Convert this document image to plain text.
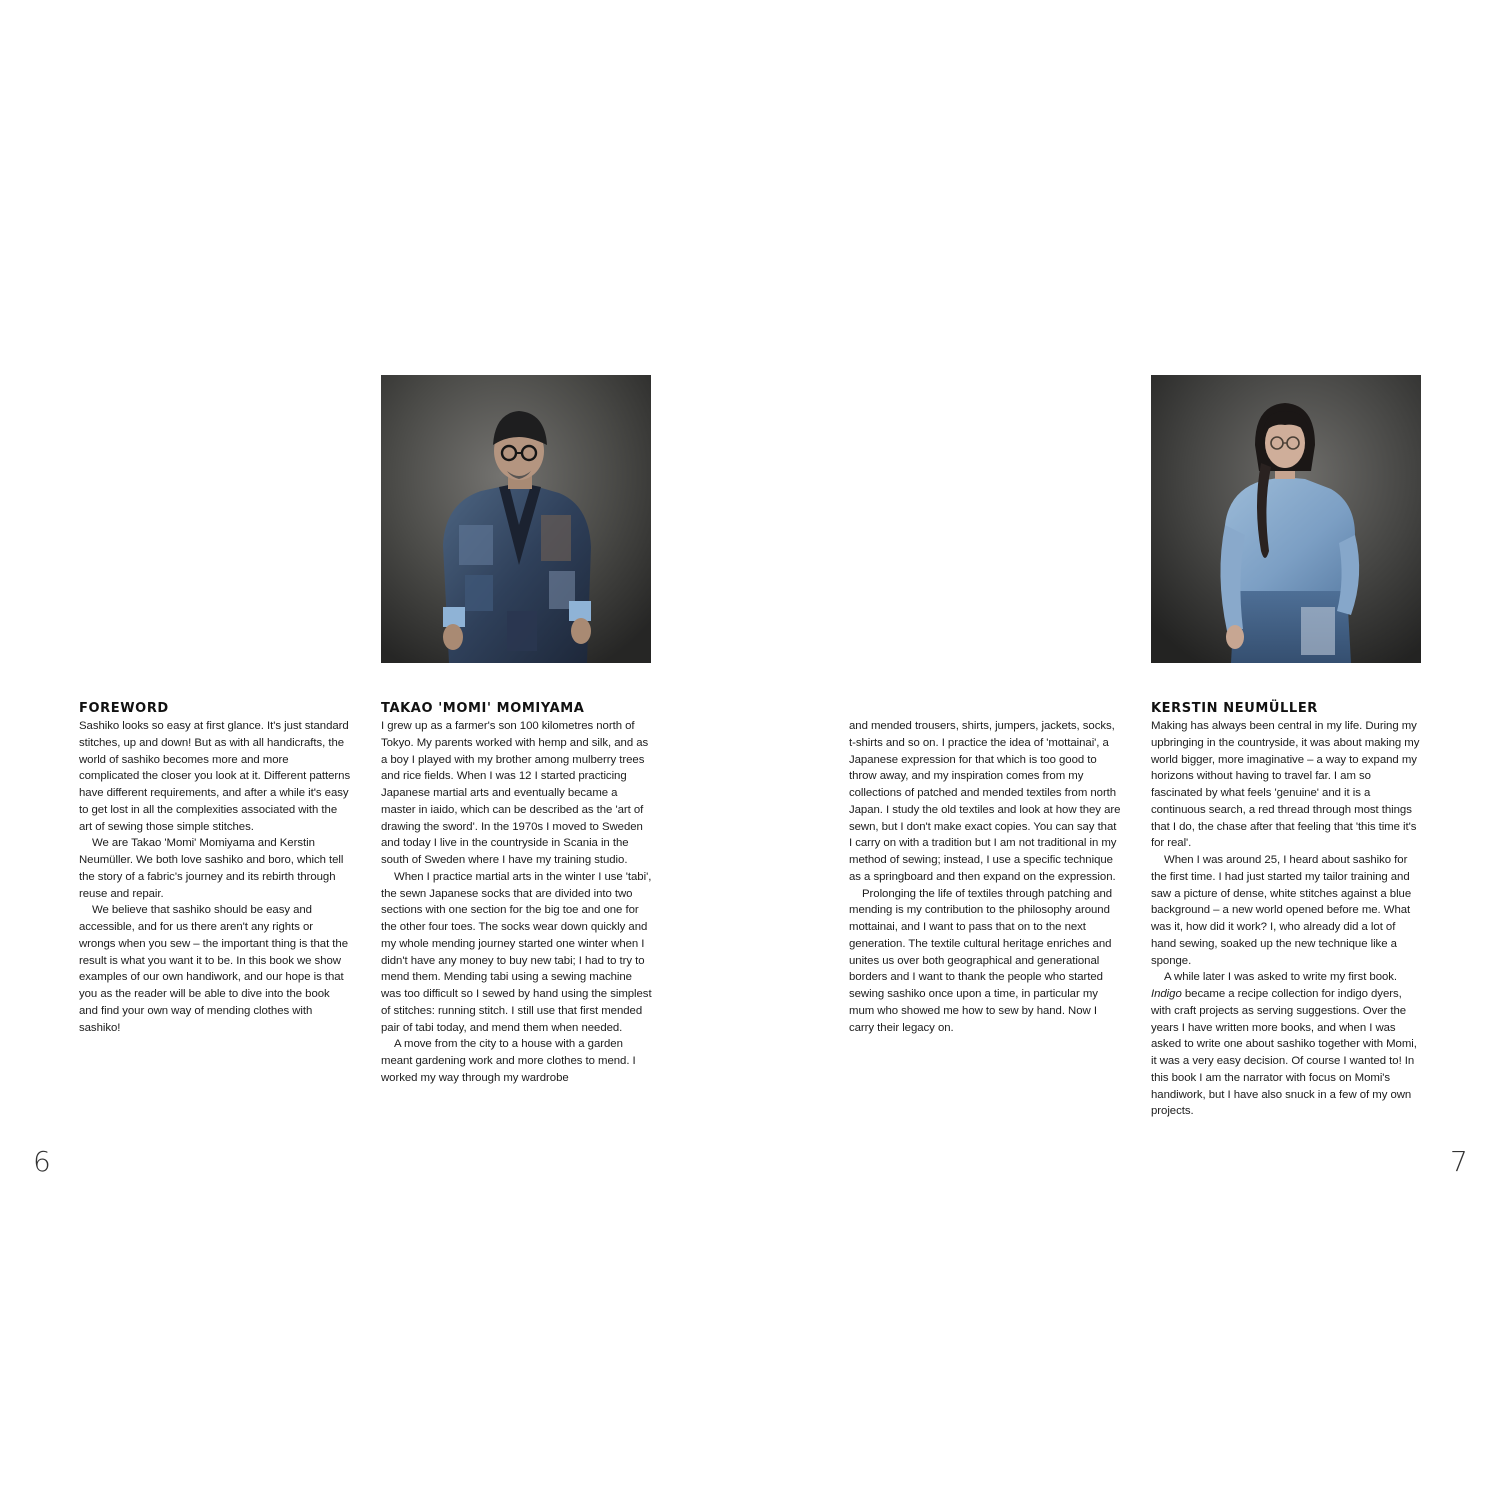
FOREWORD

Sashiko looks so easy at first glance. It's just standard stitches, up and down! But as with all handicrafts, the world of sashiko becomes more and more complicated the closer you look at it. Different patterns have different requirements, and after a while it's easy to get lost in all the complexities associated with the art of sewing those simple stitches.

We are Takao 'Momi' Momiyama and Kerstin Neumüller. We both love sashiko and boro, which tell the story of a fabric's journey and its rebirth through reuse and repair.

We believe that sashiko should be easy and accessible, and for us there aren't any rights or wrongs when you sew – the important thing is that the result is what you want it to be. In this book we show examples of our own handiwork, and our hope is that you as the reader will be able to dive into the book and find your own way of mending clothes with sashiko!

TAKAO 'MOMI' MOMIYAMA

I grew up as a farmer's son 100 kilometres north of Tokyo. My parents worked with hemp and silk, and as a boy I played with my brother among mulberry trees and rice fields. When I was 12 I started practicing Japanese martial arts and eventually became a master in iaido, which can be described as the 'art of drawing the sword'. In the 1970s I moved to Sweden and today I live in the countryside in Scania in the south of Sweden where I have my training studio.

When I practice martial arts in the winter I use 'tabi', the sewn Japanese socks that are divided into two sections with one section for the big toe and one for the other four toes. The socks wear down quickly and my whole mending journey started one winter when I didn't have any money to buy new tabi; I had to try to mend them. Mending tabi using a sewing machine was too difficult so I sewed by hand using the simplest of stitches: running stitch. I still use that first mended pair of tabi today, and mend them when needed.

A move from the city to a house with a garden meant gardening work and more clothes to mend. I worked my way through my wardrobe

6

and mended trousers, shirts, jumpers, jackets, socks, t-shirts and so on. I practice the idea of 'mottainai', a Japanese expression for that which is too good to throw away, and my inspiration comes from my collections of patched and mended textiles from north Japan. I study the old textiles and look at how they are sewn, but I don't make exact copies. You can say that I carry on with a tradition but I am not traditional in my method of sewing; instead, I use a specific technique as a springboard and then expand on the expression.

Prolonging the life of textiles through patching and mending is my contribution to the philosophy around mottainai, and I want to pass that on to the next generation. The textile cultural heritage enriches and unites us over both geographical and generational borders and I want to thank the people who started sewing sashiko once upon a time, in particular my mum who showed me how to sew by hand. Now I carry their legacy on.

KERSTIN NEUMÜLLER

Making has always been central in my life. During my upbringing in the countryside, it was about making my world bigger, more imaginative – a way to expand my horizons without having to travel far. I am so fascinated by what feels 'genuine' and it is a continuous search, a red thread through most things that I do, the chase after that feeling that 'this time it's for real'.

When I was around 25, I heard about sashiko for the first time. I had just started my tailor training and saw a picture of dense, white stitches against a blue background – a new world opened before me. What was it, how did it work? I, who already did a lot of hand sewing, soaked up the new technique like a sponge.

A while later I was asked to write my first book. Indigo became a recipe collection for indigo dyers, with craft projects as serving suggestions. Over the years I have written more books, and when I was asked to write one about sashiko together with Momi, it was a very easy decision. Of course I wanted to! In this book I am the narrator with focus on Momi's handiwork, but I have also snuck in a few of my own projects.

7
